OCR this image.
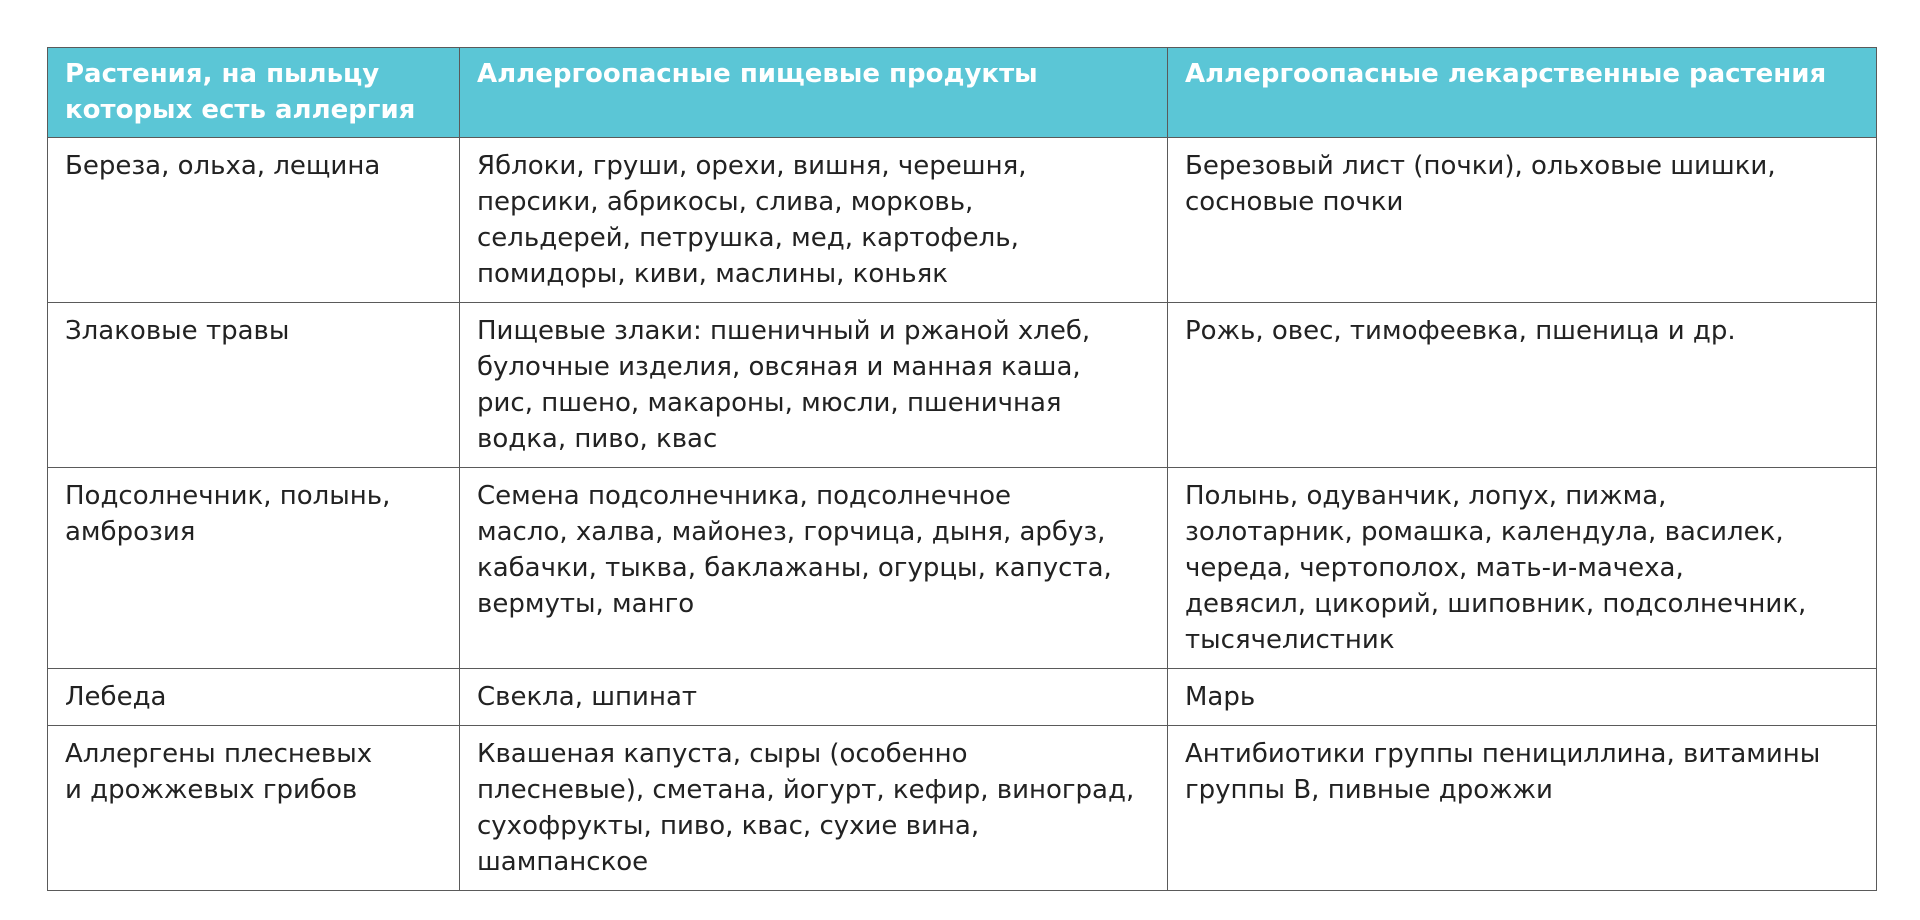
Растения, на пыльцу
которых есть аллергия	Аллергоопасные пищевые продукты	Аллергоопасные лекарственные растения

Береза, ольха, лещина	Яблоки, груши, орехи, вишня, черешня,
персики, абрикосы, слива, морковь,
сельдерей, петрушка, мед, картофель,
помидоры, киви, маслины, коньяк	Березовый лист (почки), ольховые шишки,
сосновые почки

Злаковые травы	Пищевые злаки: пшеничный и ржаной хлеб,
булочные изделия, овсяная и манная каша,
рис, пшено, макароны, мюсли, пшеничная
водка, пиво, квас	Рожь, овес, тимофеевка, пшеница и др.

Подсолнечник, полынь,
амброзия	Семена подсолнечника, подсолнечное
масло, халва, майонез, горчица, дыня, арбуз,
кабачки, тыква, баклажаны, огурцы, капуста,
вермуты, манго	Полынь, одуванчик, лопух, пижма,
золотарник, ромашка, календула, василек,
череда, чертополох, мать-и-мачеха,
девясил, цикорий, шиповник, подсолнечник,
тысячелистник

Лебеда	Свекла, шпинат	Марь

Аллергены плесневых
и дрожжевых грибов	Квашеная капуста, сыры (особенно
плесневые), сметана, йогурт, кефир, виноград,
сухофрукты, пиво, квас, сухие вина,
шампанское	Антибиотики группы пенициллина, витамины
группы В, пивные дрожжи
